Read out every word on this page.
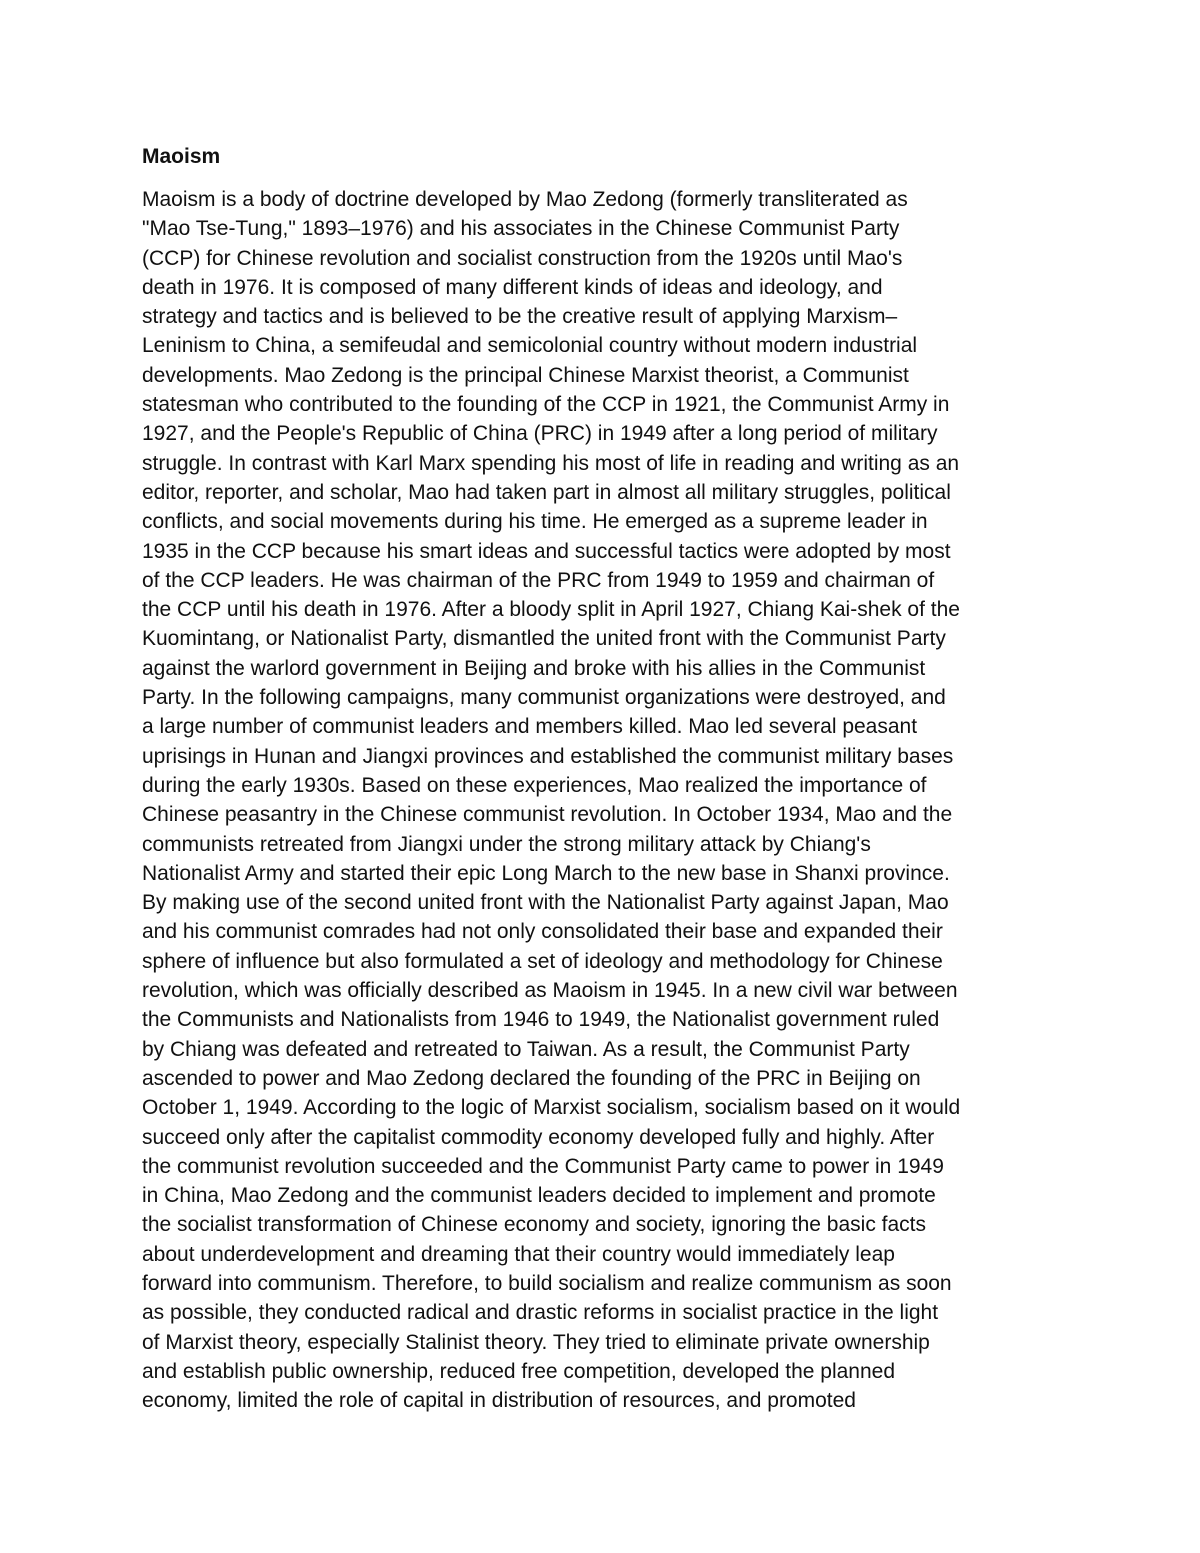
Maoism

Maoism is a body of doctrine developed by Mao Zedong (formerly transliterated as
"Mao Tse-Tung," 1893–1976) and his associates in the Chinese Communist Party
(CCP) for Chinese revolution and socialist construction from the 1920s until Mao's
death in 1976. It is composed of many different kinds of ideas and ideology, and
strategy and tactics and is believed to be the creative result of applying Marxism–
Leninism to China, a semifeudal and semicolonial country without modern industrial
developments. Mao Zedong is the principal Chinese Marxist theorist, a Communist
statesman who contributed to the founding of the CCP in 1921, the Communist Army in
1927, and the People's Republic of China (PRC) in 1949 after a long period of military
struggle. In contrast with Karl Marx spending his most of life in reading and writing as an
editor, reporter, and scholar, Mao had taken part in almost all military struggles, political
conflicts, and social movements during his time. He emerged as a supreme leader in
1935 in the CCP because his smart ideas and successful tactics were adopted by most
of the CCP leaders. He was chairman of the PRC from 1949 to 1959 and chairman of
the CCP until his death in 1976. After a bloody split in April 1927, Chiang Kai-shek of the
Kuomintang, or Nationalist Party, dismantled the united front with the Communist Party
against the warlord government in Beijing and broke with his allies in the Communist
Party. In the following campaigns, many communist organizations were destroyed, and
a large number of communist leaders and members killed. Mao led several peasant
uprisings in Hunan and Jiangxi provinces and established the communist military bases
during the early 1930s. Based on these experiences, Mao realized the importance of
Chinese peasantry in the Chinese communist revolution. In October 1934, Mao and the
communists retreated from Jiangxi under the strong military attack by Chiang's
Nationalist Army and started their epic Long March to the new base in Shanxi province.
By making use of the second united front with the Nationalist Party against Japan, Mao
and his communist comrades had not only consolidated their base and expanded their
sphere of influence but also formulated a set of ideology and methodology for Chinese
revolution, which was officially described as Maoism in 1945. In a new civil war between
the Communists and Nationalists from 1946 to 1949, the Nationalist government ruled
by Chiang was defeated and retreated to Taiwan. As a result, the Communist Party
ascended to power and Mao Zedong declared the founding of the PRC in Beijing on
October 1, 1949. According to the logic of Marxist socialism, socialism based on it would
succeed only after the capitalist commodity economy developed fully and highly. After
the communist revolution succeeded and the Communist Party came to power in 1949
in China, Mao Zedong and the communist leaders decided to implement and promote
the socialist transformation of Chinese economy and society, ignoring the basic facts
about underdevelopment and dreaming that their country would immediately leap
forward into communism. Therefore, to build socialism and realize communism as soon
as possible, they conducted radical and drastic reforms in socialist practice in the light
of Marxist theory, especially Stalinist theory. They tried to eliminate private ownership
and establish public ownership, reduced free competition, developed the planned
economy, limited the role of capital in distribution of resources, and promoted
